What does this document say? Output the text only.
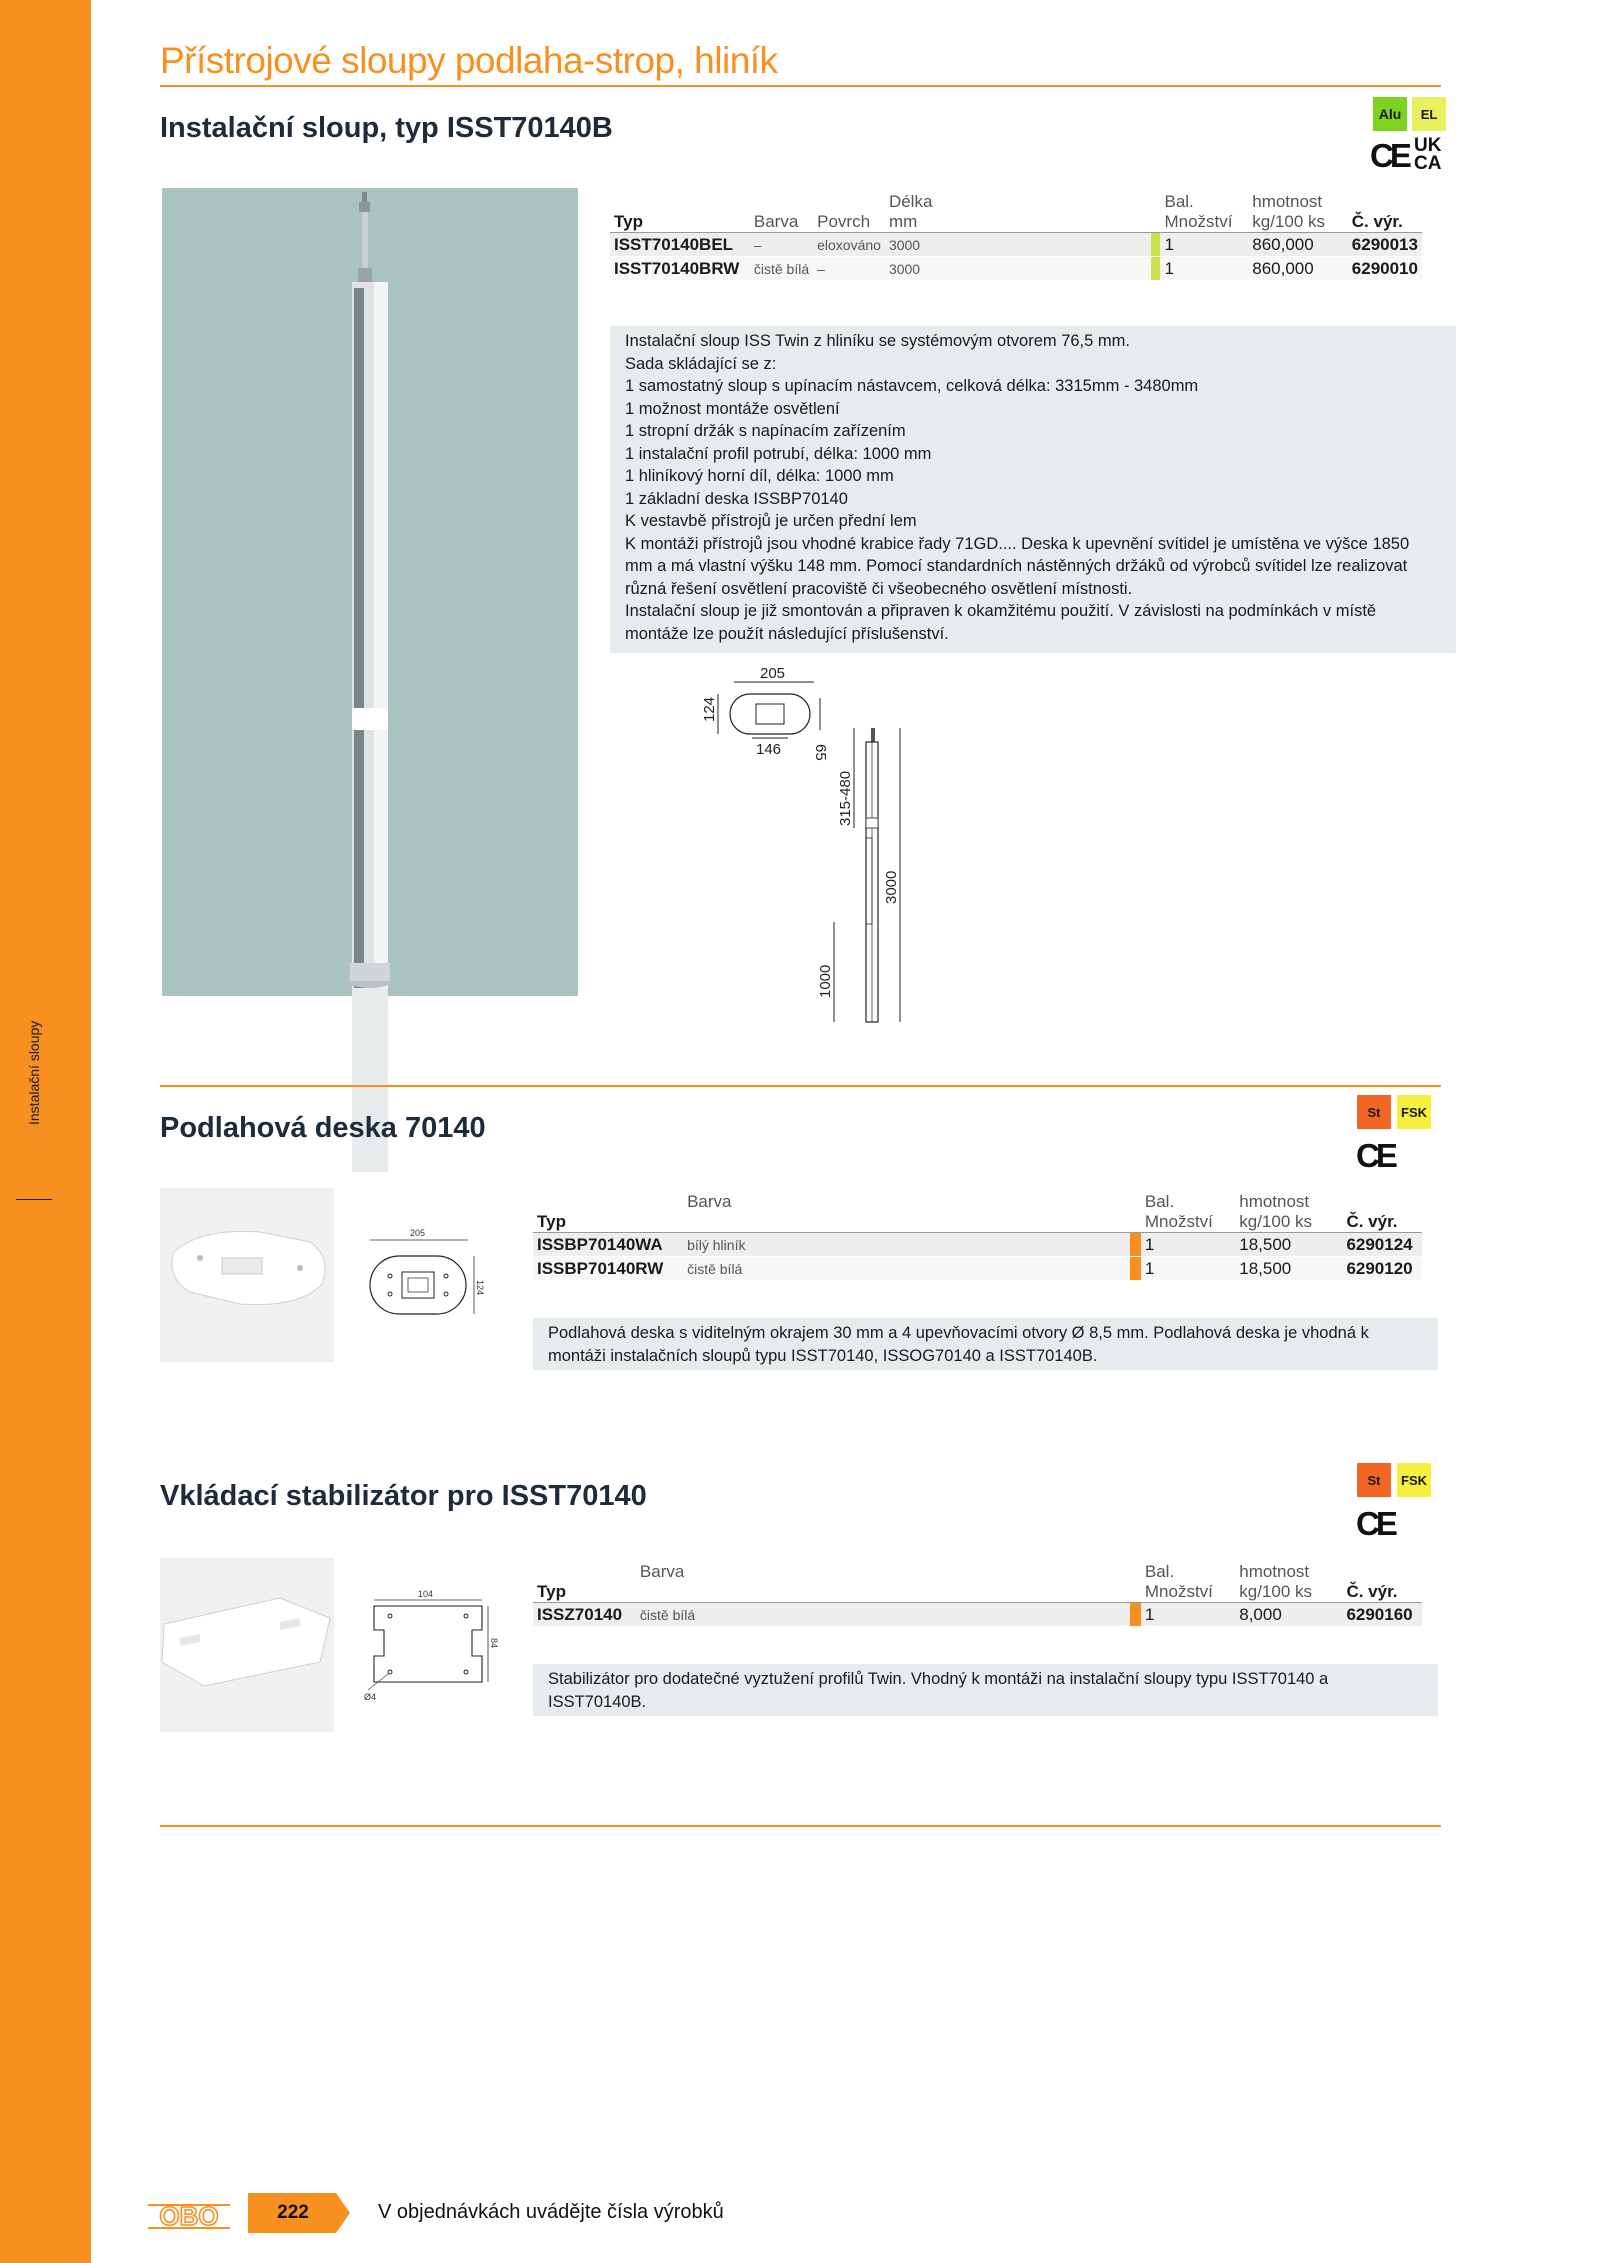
Instalační sloupy
Přístrojové sloupy podlaha-strop, hliník
Instalační sloup, typ ISST70140B	Alu EL
CE UK
CA
			Délka		Bal.	hmotnost	
Typ	Barva	Povrch	mm		Množství	kg/100 ks	Č. výr.
ISST70140BEL	–	eloxováno	3000		1	860,000	6290013
ISST70140BRW	čistě bílá	–	3000		1	860,000	6290010

Instalační sloup ISS Twin z hliníku se systémovým otvorem 76,5 mm.

Sada skládající se z:

1 samostatný sloup s upínacím nástavcem, celková délka: 3315mm - 3480mm

1 možnost montáže osvětlení

1 stropní držák s napínacím zařízením

1 instalační profil potrubí, délka: 1000 mm

1 hliníkový horní díl, délka: 1000 mm

1 základní deska ISSBP70140

K vestavbě přístrojů je určen přední lem

K montáži přístrojů jsou vhodné krabice řady 71GD.... Deska k upevnění svítidel je umístěna ve výšce 1850 mm a má vlastní výšku 148 mm. Pomocí standardních nástěnných držáků od výrobců svítidel lze realizovat různá řešení osvětlení pracoviště či všeobecného osvětlení místnosti.

Instalační sloup je již smontován a připraven k okamžitému použití. V závislosti na podmínkách v místě montáže lze použít následující příslušenství.

205
124
146 65
315-480
3000
1000
Podlahová deska 70140	St FSK
CE
205
124
	Barva		Bal.	hmotnost	
Typ			Množství	kg/100 ks	Č. výr.
ISSBP70140WA	bílý hliník		1	18,500	6290124
ISSBP70140RW	čistě bílá		1	18,500	6290120

Podlahová deska s viditelným okrajem 30 mm a 4 upevňovacími otvory Ø 8,5 mm. Podlahová deska je vhodná k montáži instalačních sloupů typu ISST70140, ISSOG70140 a ISST70140B.

Vkládací stabilizátor pro ISST70140	St FSK
CE
104
84
Ø4
	Barva		Bal.	hmotnost	
Typ			Množství	kg/100 ks	Č. výr.
ISSZ70140	čistě bílá		1	8,000	6290160

Stabilizátor pro dodatečné vyztužení profilů Twin. Vhodný k montáži na instalační sloupy typu ISST70140 a ISST70140B.

OBO	222	V objednávkách uvádějte čísla výrobků
